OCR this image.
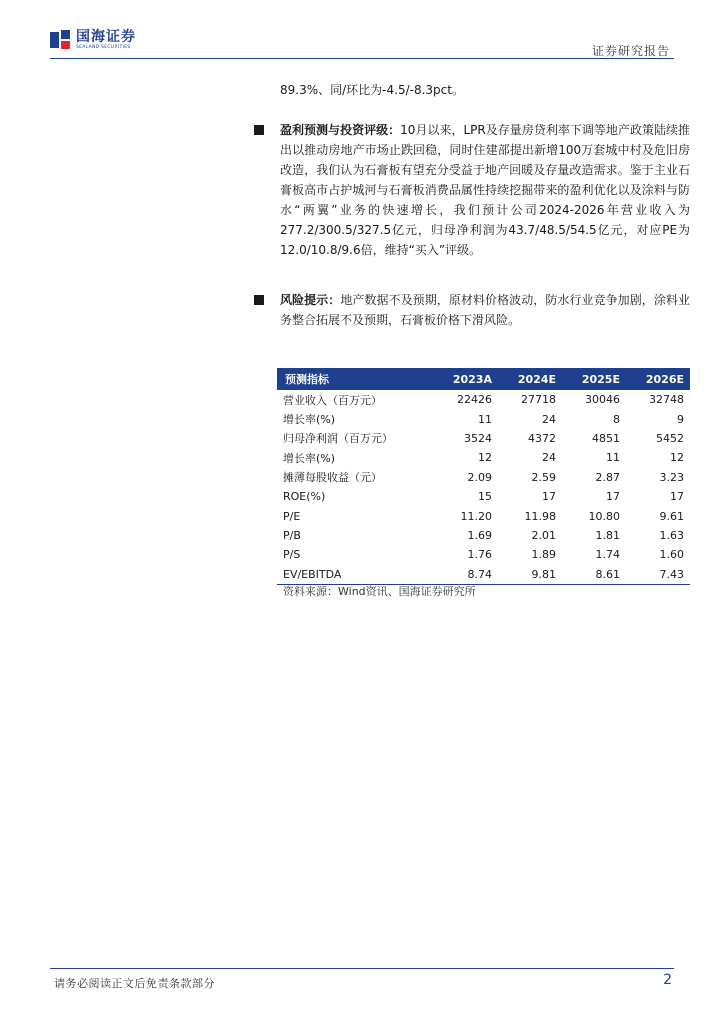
国海证券
SEALAND SECURITIES	证券研究报告
89.3%、同/环比为-4.5/-8.3pct。
盈利预测与投资评级：10月以来，LPR及存量房贷利率下调等地产政策陆续推出以推动房地产市场止跌回稳，同时住建部提出新增100万套城中村及危旧房改造，我们认为石膏板有望充分受益于地产回暖及存量改造需求。鉴于主业石膏板高市占护城河与石膏板消费品属性持续挖掘带来的盈利优化以及涂料与防水“两翼”业务的快速增长，我们预计公司2024-2026年营业收入为277.2/300.5/327.5亿元，归母净利润为43.7/48.5/54.5亿元，对应PE为12.0/10.8/9.6倍，维持“买入”评级。
风险提示：地产数据不及预期，原材料价格波动，防水行业竞争加剧，涂料业务整合拓展不及预期，石膏板价格下滑风险。
预测指标	2023A	2024E	2025E	2026E
营业收入（百万元）	22426	27718	30046	32748
增长率(%)	11	24	8	9
归母净利润（百万元）	3524	4372	4851	5452
增长率(%)	12	24	11	12
摊薄每股收益（元）	2.09	2.59	2.87	3.23
ROE(%)	15	17	17	17
P/E	11.20	11.98	10.80	9.61
P/B	1.69	2.01	1.81	1.63
P/S	1.76	1.89	1.74	1.60
EV/EBITDA	8.74	9.81	8.61	7.43
资料来源：Wind资讯、国海证券研究所
请务必阅读正文后免责条款部分	2
